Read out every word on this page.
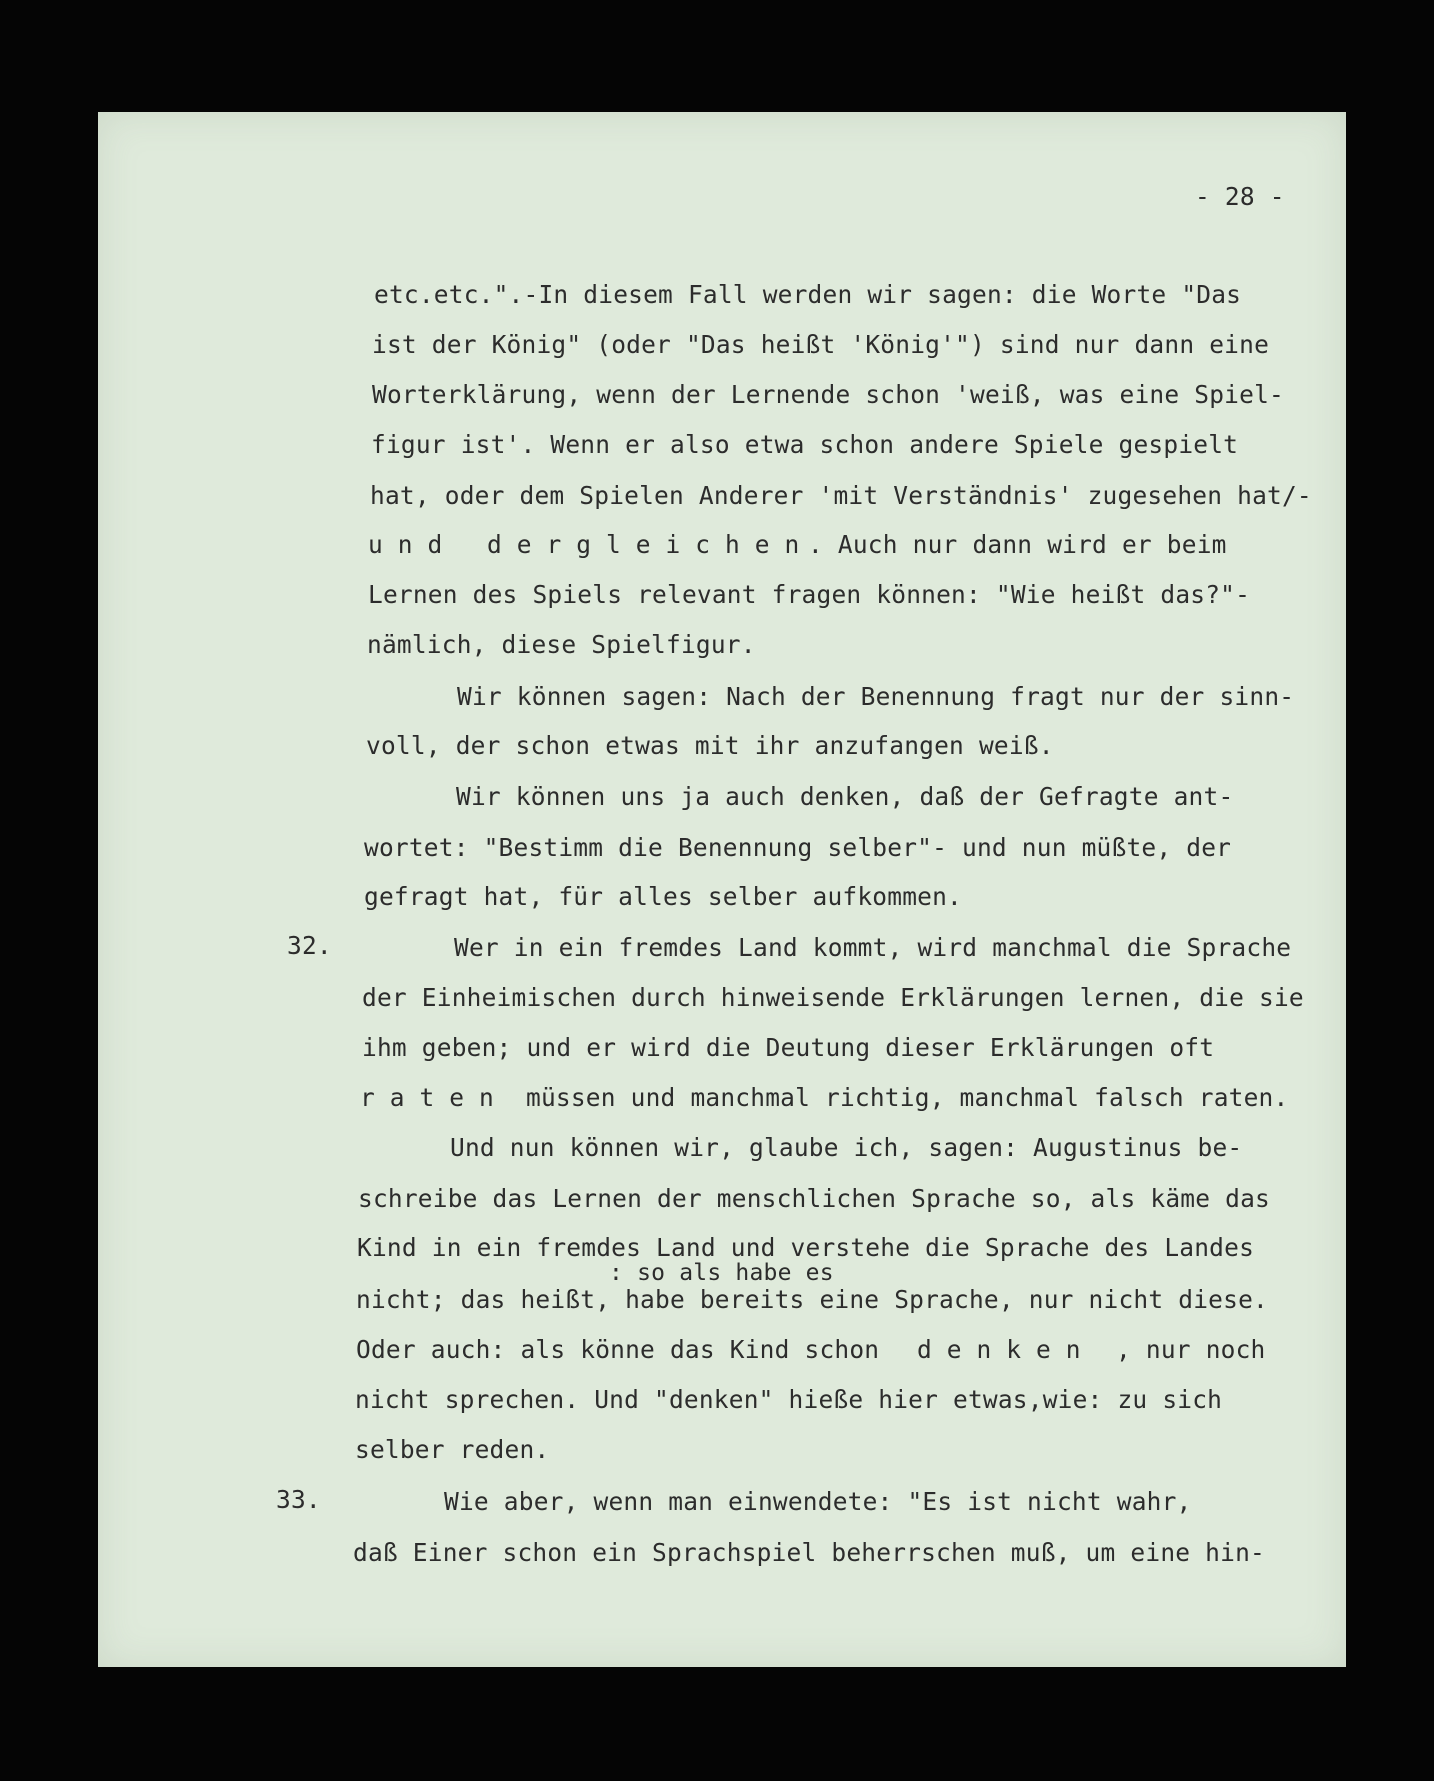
- 28 -
etc.etc.".-In diesem Fall werden wir sagen: die Worte "Das
ist der König" (oder "Das heißt 'König'") sind nur dann eine
Worterklärung, wenn der Lernende schon 'weiß, was eine Spiel-
figur ist'. Wenn er also etwa schon andere Spiele gespielt
hat, oder dem Spielen Anderer 'mit Verständnis' zugesehen hat/-
und dergleichen
. Auch nur dann wird er beim
Lernen des Spiels relevant fragen können: "Wie heißt das?"-
nämlich, diese Spielfigur.
Wir können sagen: Nach der Benennung fragt nur der sinn-
voll, der schon etwas mit ihr anzufangen weiß.
Wir können uns ja auch denken, daß der Gefragte ant-
wortet: "Bestimm die Benennung selber"- und nun müßte, der
gefragt hat, für alles selber aufkommen.
32.	Wer in ein fremdes Land kommt, wird manchmal die Sprache
der Einheimischen durch hinweisende Erklärungen lernen, die sie
ihm geben; und er wird die Deutung dieser Erklärungen oft
raten müssen und manchmal richtig, manchmal falsch raten.
Und nun können wir, glaube ich, sagen: Augustinus be-
schreibe das Lernen der menschlichen Sprache so, als käme das
Kind in ein fremdes Land und verstehe die Sprache des Landes
: so als habe es
nicht; das heißt, habe bereits eine Sprache, nur nicht diese.
Oder auch: als könne das Kind schon denken , nur noch
nicht sprechen. Und "denken" hieße hier etwas,wie: zu sich
selber reden.
33.	Wie aber, wenn man einwendete: "Es ist nicht wahr,
daß Einer schon ein Sprachspiel beherrschen muß, um eine hin-
